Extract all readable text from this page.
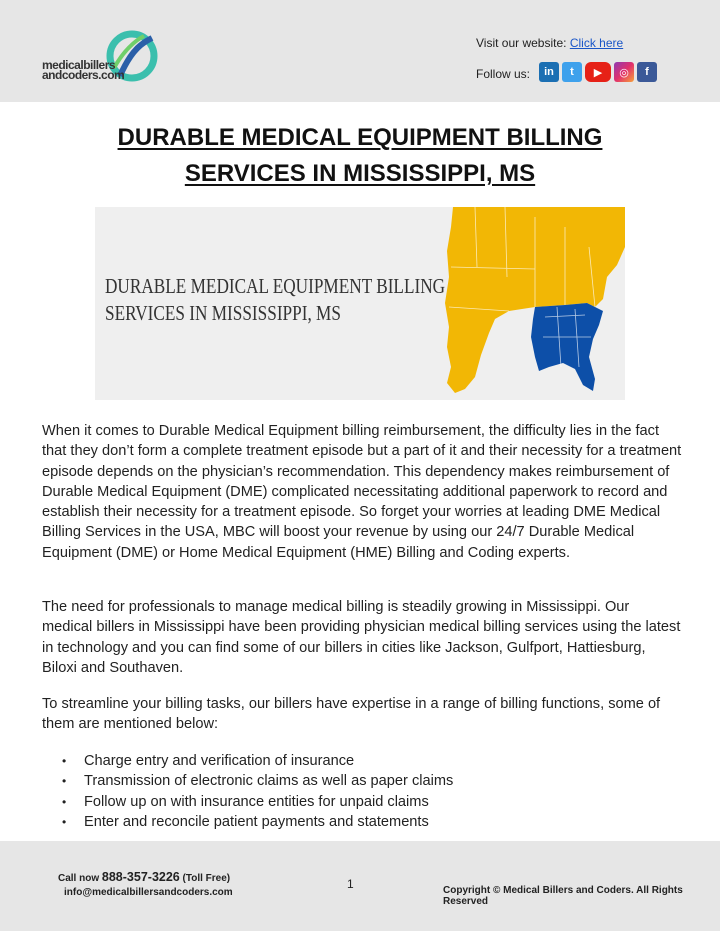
medicalbillers
andcoders.com
Visit our website: Click here
Follow us:	in	t	▶	◎	f
DURABLE MEDICAL EQUIPMENT BILLING SERVICES IN MISSISSIPPI, MS
DURABLE MEDICAL EQUIPMENT BILLING
SERVICES IN MISSISSIPPI, MS

When it comes to Durable Medical Equipment billing reimbursement, the difficulty lies in the fact that they don’t form a complete treatment episode but a part of it and their necessity for a treatment episode depends on the physician’s recommendation. This dependency makes reimbursement of Durable Medical Equipment (DME) complicated necessitating additional paperwork to record and establish their necessity for a treatment episode. So forget your worries at leading DME Medical Billing Services in the USA, MBC will boost your revenue by using our 24/7 Durable Medical Equipment (DME) or Home Medical Equipment (HME) Billing and Coding experts.

The need for professionals to manage medical billing is steadily growing in Mississippi. Our medical billers in Mississippi have been providing physician medical billing services using the latest in technology and you can find some of our billers in cities like Jackson, Gulfport, Hattiesburg, Biloxi and Southaven.

To streamline your billing tasks, our billers have expertise in a range of billing functions, some of them are mentioned below:

• Charge entry and verification of insurance
• Transmission of electronic claims as well as paper claims
• Follow up on with insurance entities for unpaid claims
• Enter and reconcile patient payments and statements
Call now 888-357-3226 (Toll Free)
info@medicalbillersandcoders.com
1	Copyright © Medical Billers and Coders. All Rights Reserved
